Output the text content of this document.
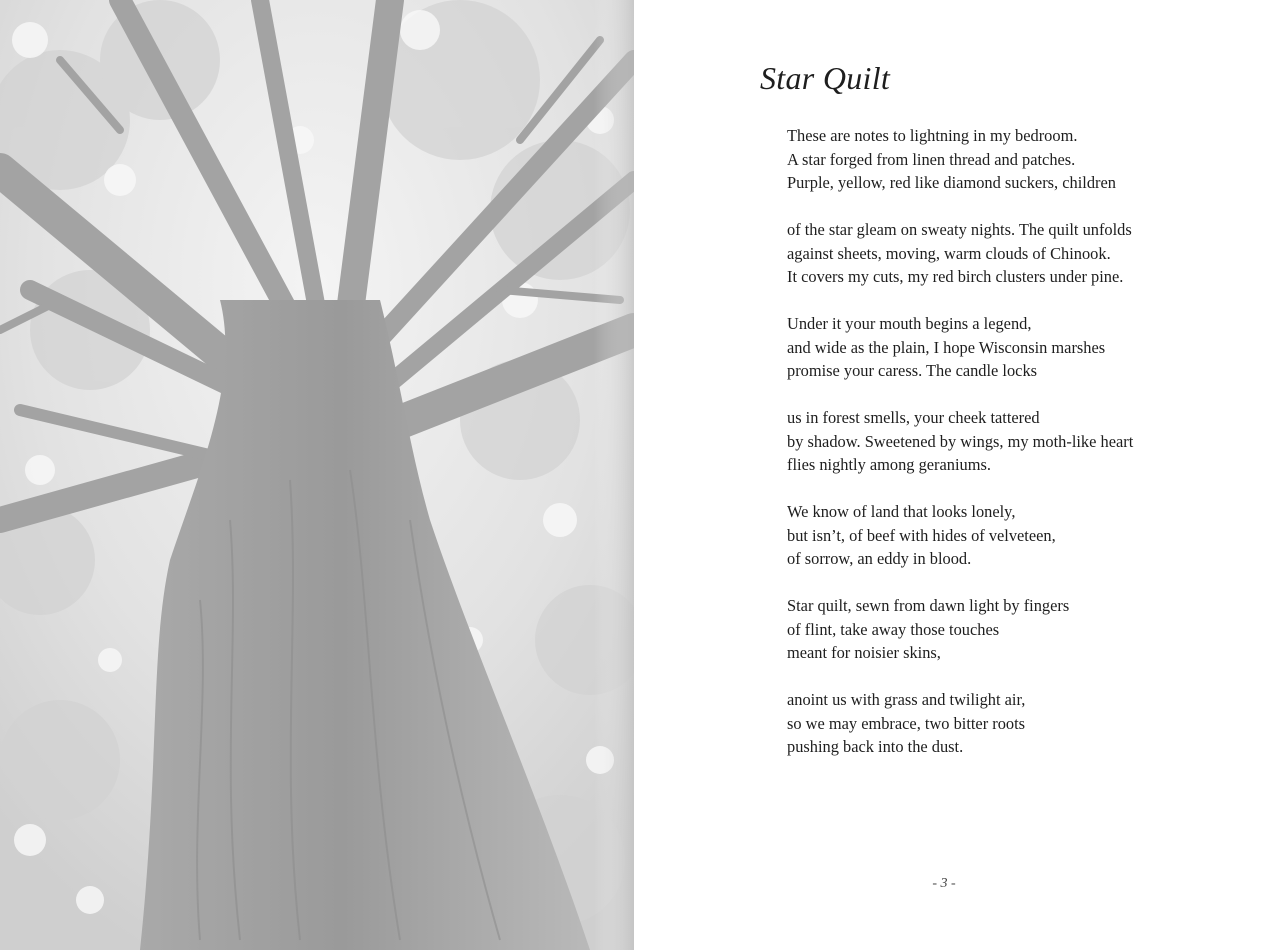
Star Quilt
These are notes to lightning in my bedroom.
A star forged from linen thread and patches.
Purple, yellow, red like diamond suckers, children
of the star gleam on sweaty nights. The quilt unfolds
against sheets, moving, warm clouds of Chinook.
It covers my cuts, my red birch clusters under pine.
Under it your mouth begins a legend,
and wide as the plain, I hope Wisconsin marshes
promise your caress. The candle locks
us in forest smells, your cheek tattered
by shadow. Sweetened by wings, my moth-like heart
flies nightly among geraniums.
We know of land that looks lonely,
but isn’t, of beef with hides of velveteen,
of sorrow, an eddy in blood.
Star quilt, sewn from dawn light by fingers
of flint, take away those touches
meant for noisier skins,
anoint us with grass and twilight air,
so we may embrace, two bitter roots
pushing back into the dust.
- 3 -
